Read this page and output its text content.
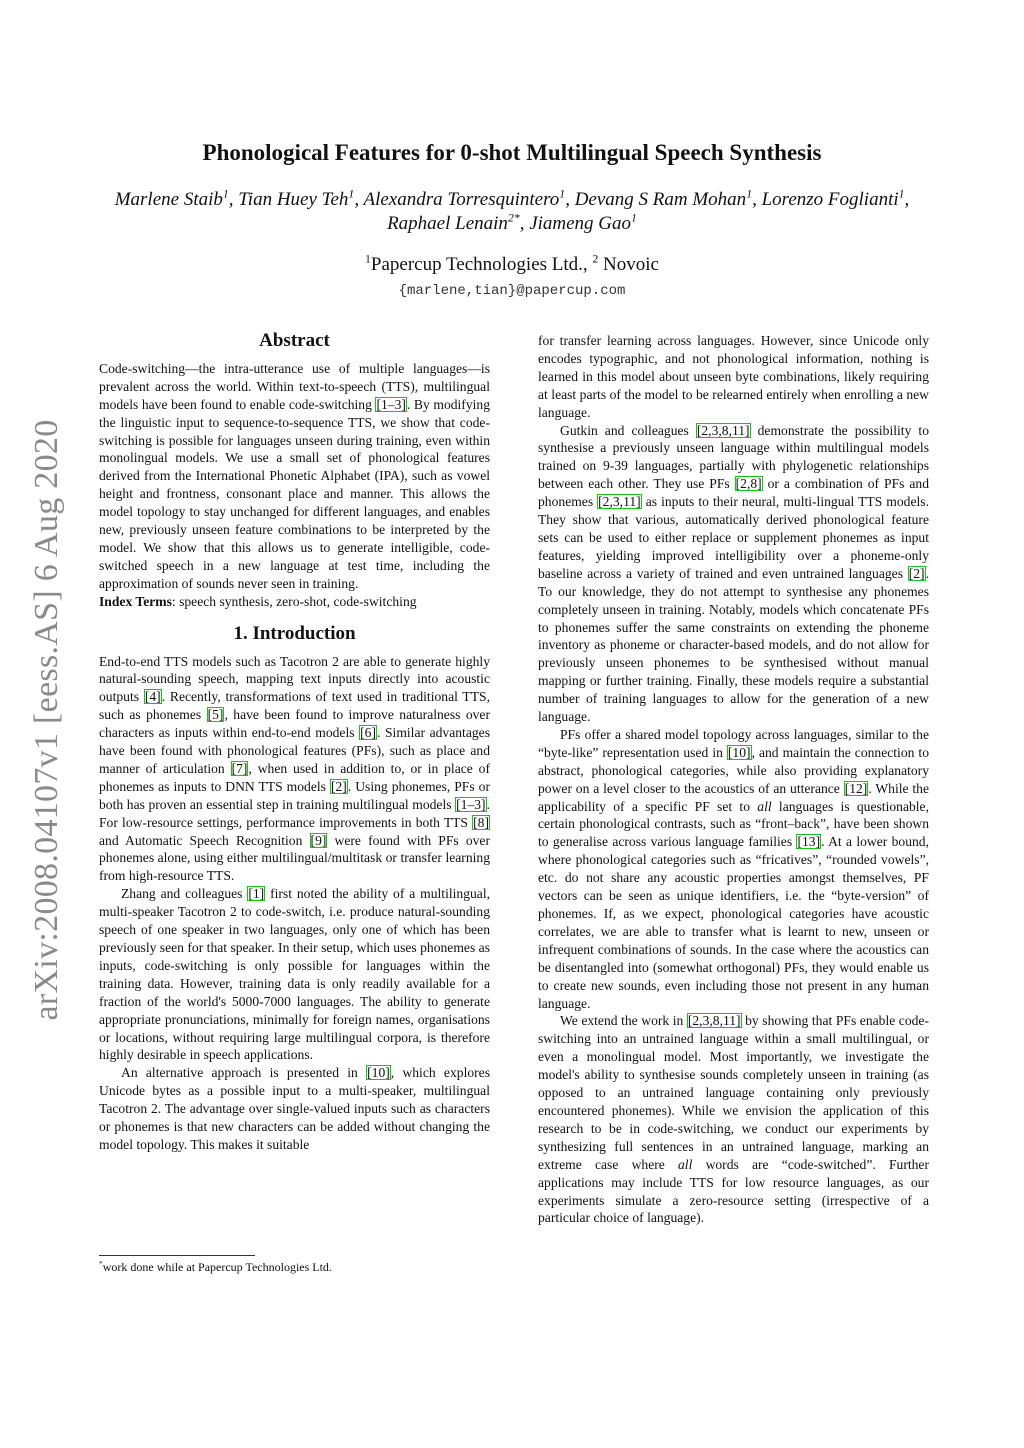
arXiv:2008.04107v1 [eess.AS] 6 Aug 2020
Phonological Features for 0-shot Multilingual Speech Synthesis
Marlene Staib$^1$, Tian Huey Teh$^1$, Alexandra Torresquintero$^1$, Devang S Ram Mohan$^1$, Lorenzo Foglianti$^1$, Raphael Lenain$^{2*}$, Jiameng Gao$^1$
$^1$Papercup Technologies Ltd., $^2$ Novoic
{marlene,tian}@papercup.com
Abstract

Code-switching—the intra-utterance use of multiple languages—is prevalent across the world. Within text-to-speech (TTS), multilingual models have been found to enable code-switching [1–3]. By modifying the linguistic input to sequence-to-sequence TTS, we show that code-switching is possible for languages unseen during training, even within monolingual models. We use a small set of phonological features derived from the International Phonetic Alphabet (IPA), such as vowel height and frontness, consonant place and manner. This allows the model topology to stay unchanged for different languages, and enables new, previously unseen feature combinations to be interpreted by the model. We show that this allows us to generate intelligible, code-switched speech in a new language at test time, including the approximation of sounds never seen in training.

Index Terms: speech synthesis, zero-shot, code-switching

1. Introduction

End-to-end TTS models such as Tacotron 2 are able to generate highly natural-sounding speech, mapping text inputs directly into acoustic outputs [4]. Recently, transformations of text used in traditional TTS, such as phonemes [5], have been found to improve naturalness over characters as inputs within end-to-end models [6]. Similar advantages have been found with phonological features (PFs), such as place and manner of articulation [7], when used in addition to, or in place of phonemes as inputs to DNN TTS models [2]. Using phonemes, PFs or both has proven an essential step in training multilingual models [1–3]. For low-resource settings, performance improvements in both TTS [8] and Automatic Speech Recognition [9] were found with PFs over phonemes alone, using either multilingual/multitask or transfer learning from high-resource TTS.

Zhang and colleagues [1] first noted the ability of a multilingual, multi-speaker Tacotron 2 to code-switch, i.e. produce natural-sounding speech of one speaker in two languages, only one of which has been previously seen for that speaker. In their setup, which uses phonemes as inputs, code-switching is only possible for languages within the training data. However, training data is only readily available for a fraction of the world's 5000-7000 languages. The ability to generate appropriate pronunciations, minimally for foreign names, organisations or locations, without requiring large multilingual corpora, is therefore highly desirable in speech applications.

An alternative approach is presented in [10], which explores Unicode bytes as a possible input to a multi-speaker, multilingual Tacotron 2. The advantage over single-valued inputs such as characters or phonemes is that new characters can be added without changing the model topology. This makes it suitable

*work done while at Papercup Technologies Ltd.

for transfer learning across languages. However, since Unicode only encodes typographic, and not phonological information, nothing is learned in this model about unseen byte combinations, likely requiring at least parts of the model to be relearned entirely when enrolling a new language.

Gutkin and colleagues [2,3,8,11] demonstrate the possibility to synthesise a previously unseen language within multilingual models trained on 9-39 languages, partially with phylogenetic relationships between each other. They use PFs [2,8] or a combination of PFs and phonemes [2,3,11] as inputs to their neural, multi-lingual TTS models. They show that various, automatically derived phonological feature sets can be used to either replace or supplement phonemes as input features, yielding improved intelligibility over a phoneme-only baseline across a variety of trained and even untrained languages [2]. To our knowledge, they do not attempt to synthesise any phonemes completely unseen in training. Notably, models which concatenate PFs to phonemes suffer the same constraints on extending the phoneme inventory as phoneme or character-based models, and do not allow for previously unseen phonemes to be synthesised without manual mapping or further training. Finally, these models require a substantial number of training languages to allow for the generation of a new language.

PFs offer a shared model topology across languages, similar to the “byte-like” representation used in [10], and maintain the connection to abstract, phonological categories, while also providing explanatory power on a level closer to the acoustics of an utterance [12]. While the applicability of a specific PF set to all languages is questionable, certain phonological contrasts, such as “front–back”, have been shown to generalise across various language families [13]. At a lower bound, where phonological categories such as “fricatives”, “rounded vowels”, etc. do not share any acoustic properties amongst themselves, PF vectors can be seen as unique identifiers, i.e. the “byte-version” of phonemes. If, as we expect, phonological categories have acoustic correlates, we are able to transfer what is learnt to new, unseen or infrequent combinations of sounds. In the case where the acoustics can be disentangled into (somewhat orthogonal) PFs, they would enable us to create new sounds, even including those not present in any human language.

We extend the work in [2,3,8,11] by showing that PFs enable code-switching into an untrained language within a small multilingual, or even a monolingual model. Most importantly, we investigate the model's ability to synthesise sounds completely unseen in training (as opposed to an untrained language containing only previously encountered phonemes). While we envision the application of this research to be in code-switching, we conduct our experiments by synthesizing full sentences in an untrained language, marking an extreme case where all words are “code-switched”. Further applications may include TTS for low resource languages, as our experiments simulate a zero-resource setting (irrespective of a particular choice of language).
